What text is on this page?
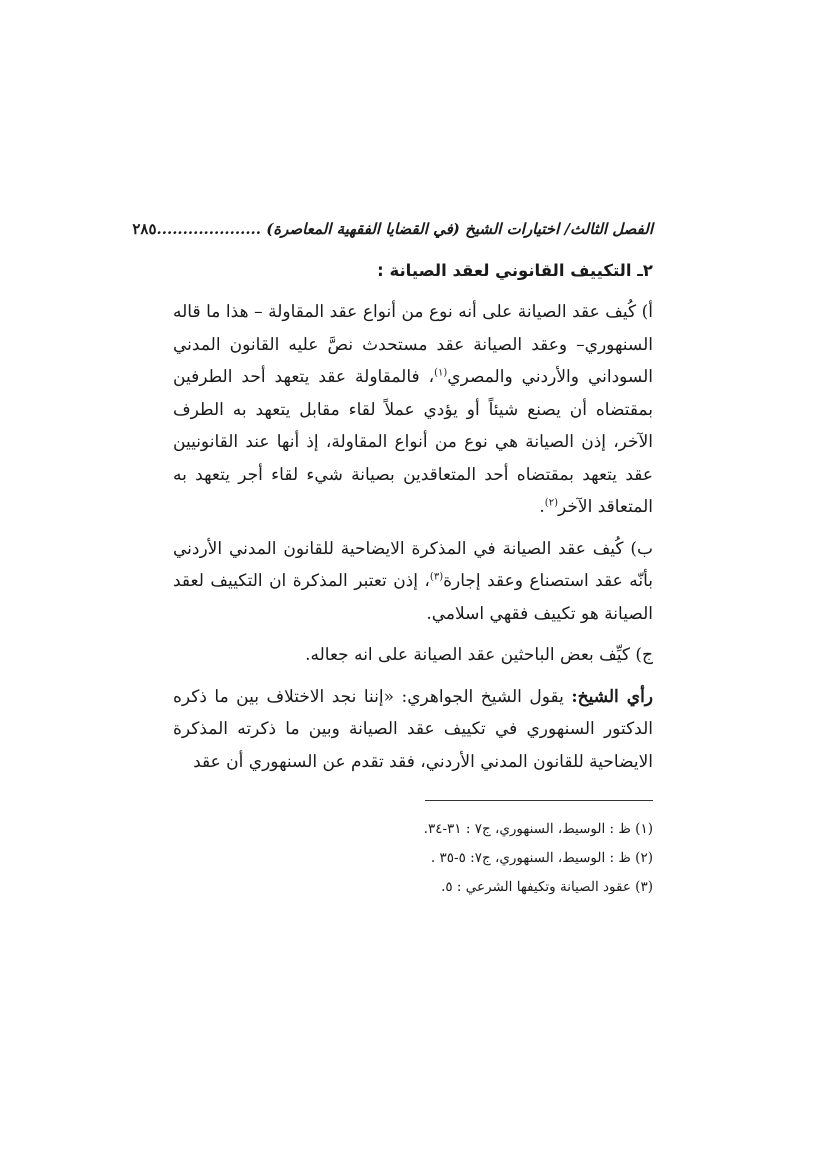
الفصل الثالث/ اختيارات الشيخ (في القضايا الفقهية المعاصرة) ....................
٢٨٥
٢ـ التكييف القانوني لعقد الصيانة :

أ) كُيف عقد الصيانة على أنه نوع من أنواع عقد المقاولة – هذا ما قاله السنهوري– وعقد الصيانة عقد مستحدث نصَّ عليه القانون المدني السوداني والأردني والمصري$^{(١)}$، فالمقاولة عقد يتعهد أحد الطرفين بمقتضاه أن يصنع شيئاً أو يؤدي عملاً لقاء مقابل يتعهد به الطرف الآخر، إذن الصيانة هي نوع من أنواع المقاولة، إذ أنها عند القانونيين عقد يتعهد بمقتضاه أحد المتعاقدين بصيانة شيء لقاء أجر يتعهد به المتعاقد الآخر$^{(٢)}$.

ب) كُيف عقد الصيانة في المذكرة الايضاحية للقانون المدني الأردني بأنّه عقد استصناع وعقد إجارة$^{(٣)}$، إذن تعتبر المذكرة ان التكييف لعقد الصيانة هو تكييف فقهي اسلامي.

ج) كيِّف بعض الباحثين عقد الصيانة على انه جعاله.

رأي الشيخ: يقول الشيخ الجواهري: «إننا نجد الاختلاف بين ما ذكره الدكتور السنهوري في تكييف عقد الصيانة وبين ما ذكرته المذكرة الايضاحية للقانون المدني الأردني، فقد تقدم عن السنهوري أن عقد

(١) ظ : الوسيط، السنهوري، ج٧ : ٣١-٣٤.

(٢) ظ : الوسيط، السنهوري، ج٧: ٥-٣٥ .

(٣) عقود الصيانة وتكيفها الشرعي : ٥.
